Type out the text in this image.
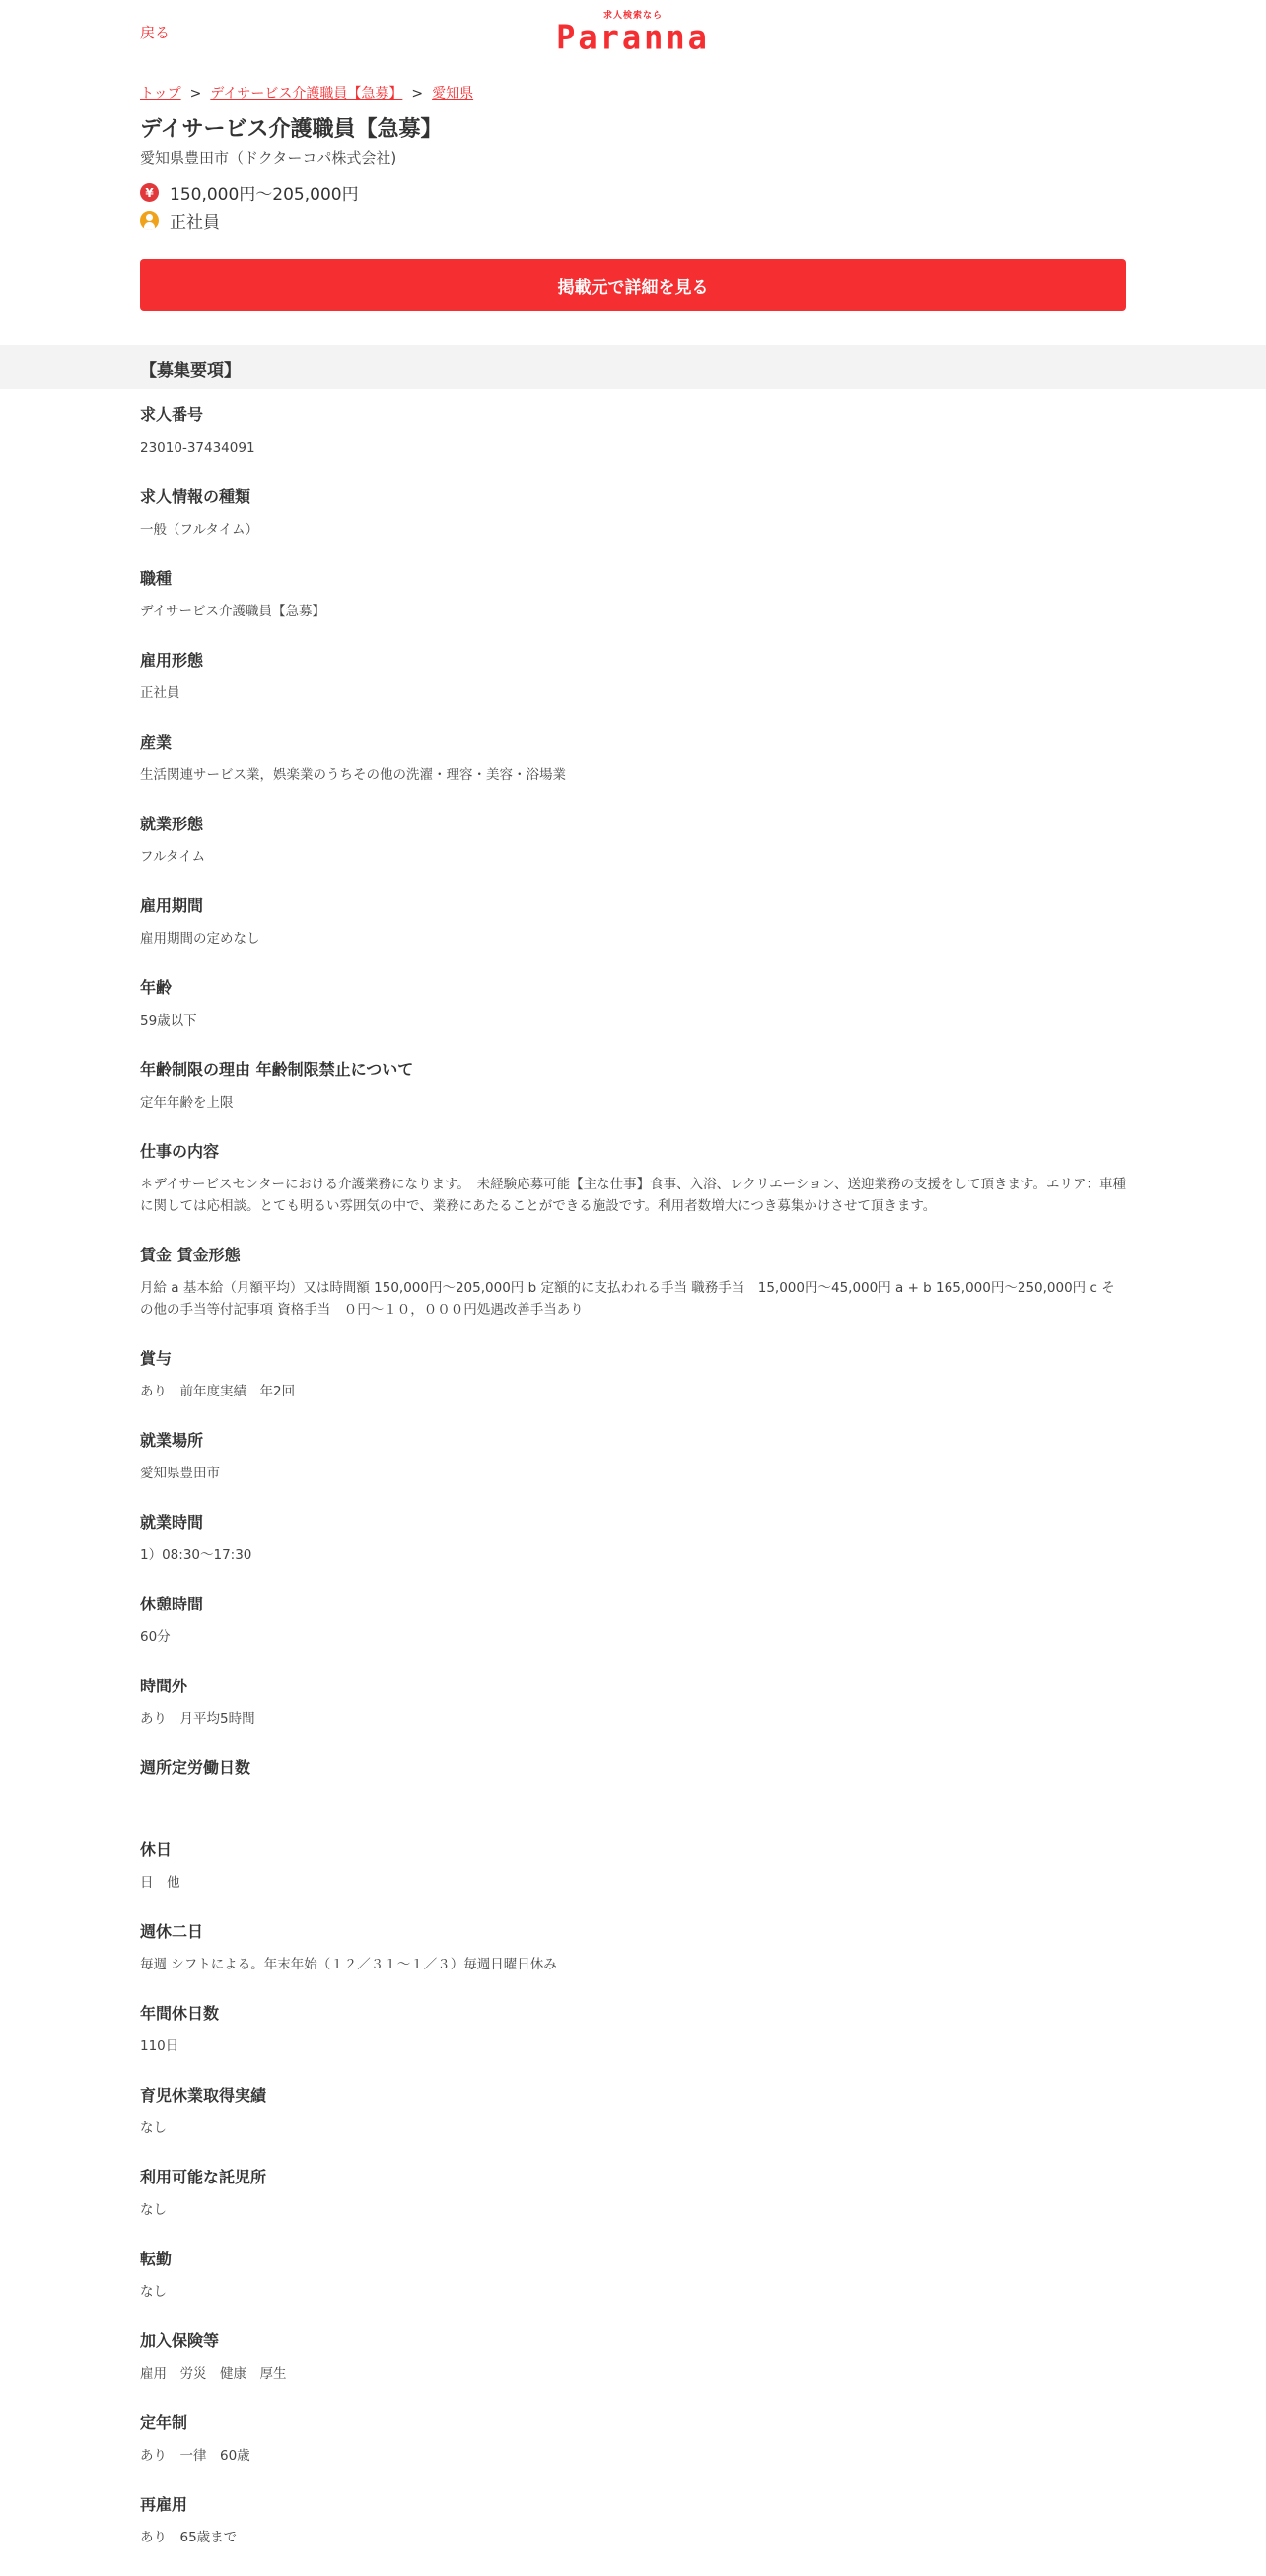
戻る
求人検索なら
Paranna
トップ > デイサービス介護職員【急募】 > 愛知県
デイサービス介護職員【急募】
愛知県豊田市（ドクターコパ株式会社)
¥ 150,000円～205,000円
正社員
掲載元で詳細を見る
【募集要項】
求人番号
23010-37434091
求人情報の種類
一般（フルタイム）
職種
デイサービス介護職員【急募】
雇用形態
正社員
産業
生活関連サービス業，娯楽業のうちその他の洗濯・理容・美容・浴場業
就業形態
フルタイム
雇用期間
雇用期間の定めなし
年齢
59歳以下
年齢制限の理由 年齢制限禁止について
定年年齢を上限
仕事の内容
＊デイサービスセンターにおける介護業務になります。　未経験応募可能【主な仕事】食事、入浴、レクリエーション、送迎業務の支援をして頂きます。エリア：車種に関しては応相談。とても明るい雰囲気の中で、業務にあたることができる施設です。利用者数増大につき募集かけさせて頂きます。
賃金 賃金形態
月給 a 基本給（月額平均）又は時間額 150,000円～205,000円 b 定額的に支払われる手当 職務手当　15,000円～45,000円 a + b 165,000円～250,000円 c その他の手当等付記事項 資格手当　０円～１０，０００円処遇改善手当あり
賞与
あり　前年度実績　年2回
就業場所
愛知県豊田市
就業時間
1）08:30～17:30
休憩時間
60分
時間外
あり　月平均5時間
週所定労働日数
休日
日　他
週休二日
毎週 シフトによる。年末年始（１２／３１～１／３）毎週日曜日休み
年間休日数
110日
育児休業取得実績
なし
利用可能な託児所
なし
転勤
なし
加入保険等
雇用　労災　健康　厚生
定年制
あり　一律　60歳
再雇用
あり　65歳まで
